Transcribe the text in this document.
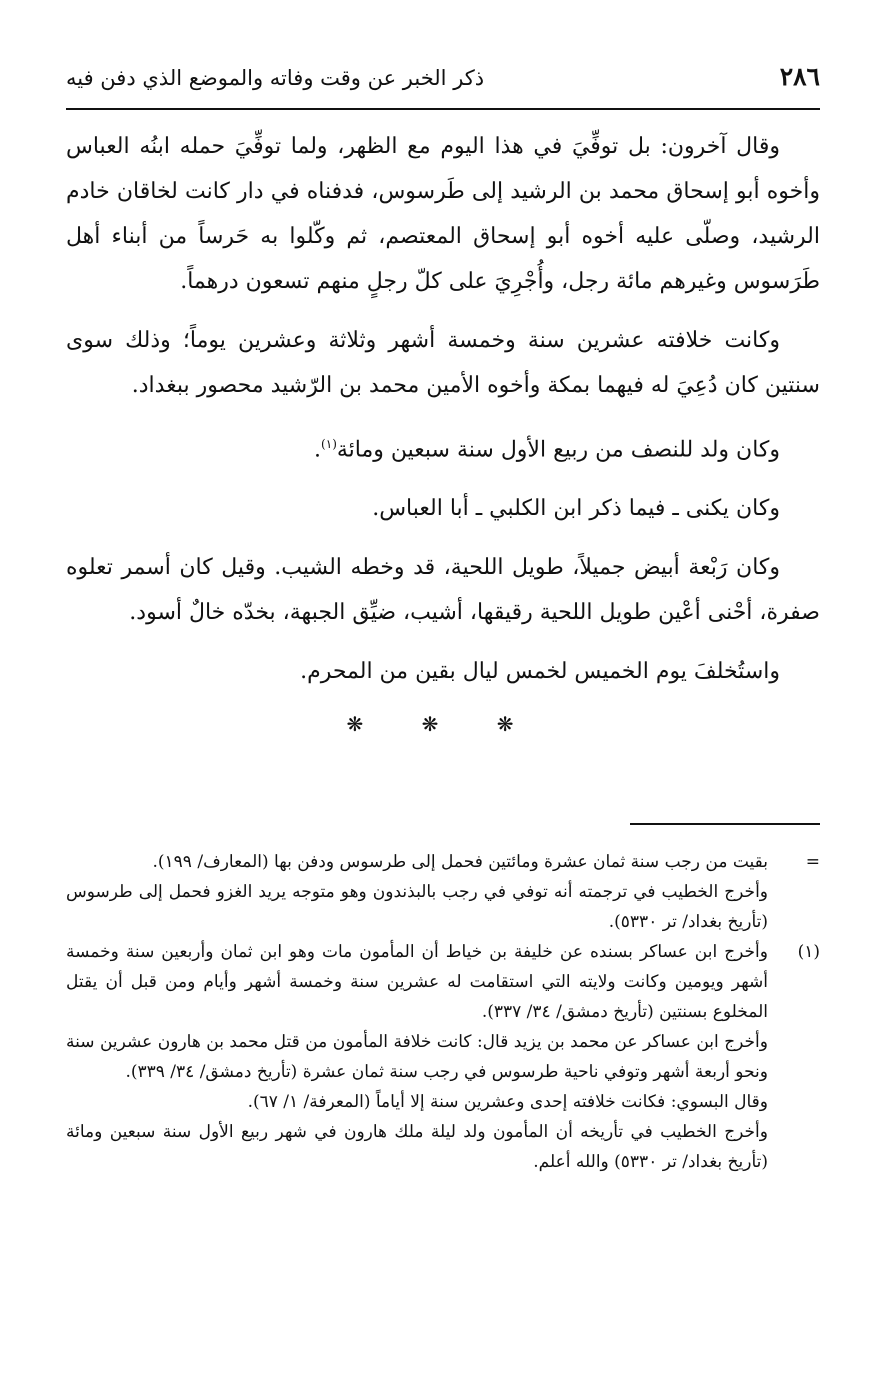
٢٨٦
ذكر الخبر عن وقت وفاته والموضع الذي دفن فيه

وقال آخرون: بل توفِّيَ في هذا اليوم مع الظهر، ولما توفِّيَ حمله ابنُه العباس وأخوه أبو إسحاق محمد بن الرشيد إلى طَرسوس، فدفناه في دار كانت لخاقان خادم الرشيد، وصلّى عليه أخوه أبو إسحاق المعتصم، ثم وكّلوا به حَرساً من أبناء أهل طَرَسوس وغيرهم مائة رجل، وأُجْرِيَ على كلّ رجلٍ منهم تسعون درهماً.

وكانت خلافته عشرين سنة وخمسة أشهر وثلاثة وعشرين يوماً؛ وذلك سوى سنتين كان دُعِيَ له فيهما بمكة وأخوه الأمين محمد بن الرّشيد محصور ببغداد.

وكان ولد للنصف من ربيع الأول سنة سبعين ومائة$^{(١)}$.

وكان يكنى ـ فيما ذكر ابن الكلبي ـ أبا العباس.

وكان رَبْعة أبيض جميلاً، طويل اللحية، قد وخطه الشيب. وقيل كان أسمر تعلوه صفرة، أحْنى أعْين طويل اللحية رقيقها، أشيب، ضيِّق الجبهة، بخدّه خالٌ أسود.

واستُخلفَ يوم الخميس لخمس ليال بقين من المحرم.

❋ ❋ ❋
=

بقيت من رجب سنة ثمان عشرة ومائتين فحمل إلى طرسوس ودفن بها (المعارف/ ١٩٩).

وأخرج الخطيب في ترجمته أنه توفي في رجب بالبذندون وهو متوجه يريد الغزو فحمل إلى طرسوس (تأريخ بغداد/ تر ٥٣٣٠).

(١)

وأخرج ابن عساكر بسنده عن خليفة بن خياط أن المأمون مات وهو ابن ثمان وأربعين سنة وخمسة أشهر ويومين وكانت ولايته التي استقامت له عشرين سنة وخمسة أشهر وأيام ومن قبل أن يقتل المخلوع بسنتين (تأريخ دمشق/ ٣٤/ ٣٣٧).

وأخرج ابن عساكر عن محمد بن يزيد قال: كانت خلافة المأمون من قتل محمد بن هارون عشرين سنة ونحو أربعة أشهر وتوفي ناحية طرسوس في رجب سنة ثمان عشرة (تأريخ دمشق/ ٣٤/ ٣٣٩).

وقال البسوي: فكانت خلافته إحدى وعشرين سنة إلا أياماً (المعرفة/ ١/ ٦٧).

وأخرج الخطيب في تأريخه أن المأمون ولد ليلة ملك هارون في شهر ربيع الأول سنة سبعين ومائة (تأريخ بغداد/ تر ٥٣٣٠) والله أعلم.
